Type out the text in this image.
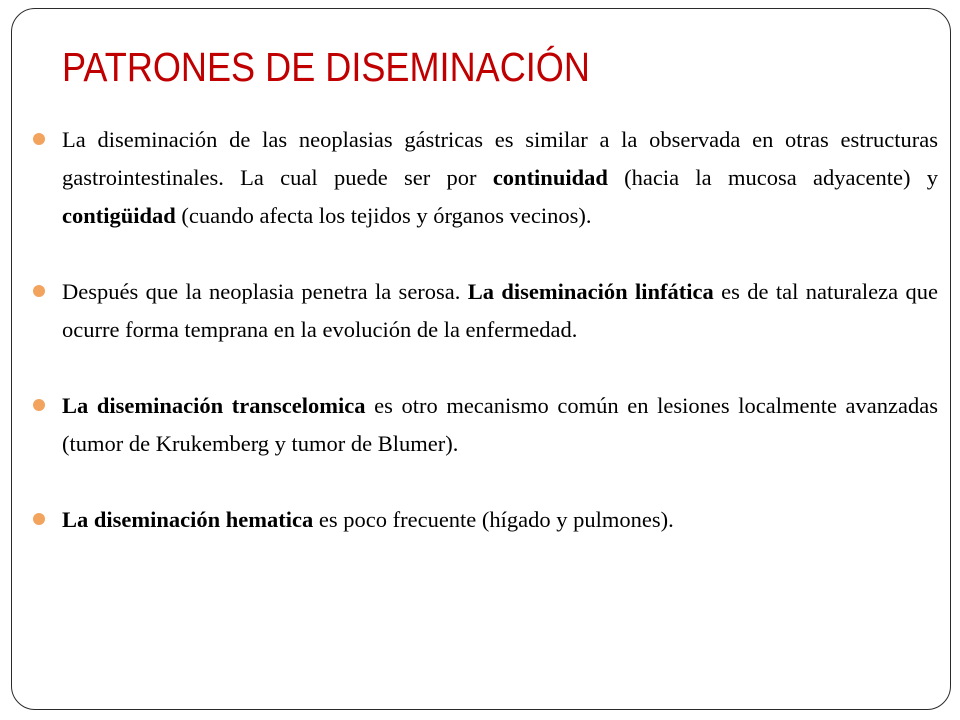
PATRONES DE DISEMINACIÓN
La diseminación de las neoplasias gástricas es similar a la observada en otras estructuras gastrointestinales. La cual puede ser por continuidad (hacia la mucosa adyacente) y contigüidad (cuando afecta los tejidos y órganos vecinos).
Después que la neoplasia penetra la serosa. La diseminación linfática es de tal naturaleza que ocurre forma temprana en la evolución de la enfermedad.
La diseminación transcelomica es otro mecanismo común en lesiones localmente avanzadas (tumor de Krukemberg y tumor de Blumer).
La diseminación hematica es poco frecuente (hígado y pulmones).
